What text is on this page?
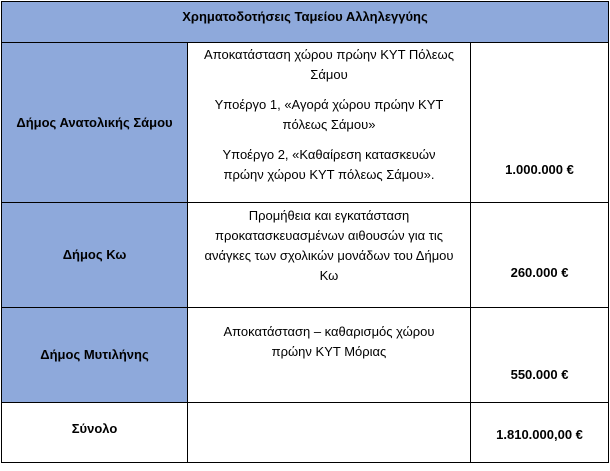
Χρηματοδοτήσεις Ταμείου Αλληλεγγύης		
Δήμος Ανατολικής Σάμου	Αποκατάσταση χώρου πρώην ΚΥΤ Πόλεως Σάμου

Υποέργο 1, «Αγορά χώρου πρώην ΚΥΤ πόλεως Σάμου»

Υποέργο 2, «Καθαίρεση κατασκευών πρώην χώρου ΚΥΤ πόλεως Σάμου».	1.000.000 €
Δήμος Κω	Προμήθεια και εγκατάσταση προκατασκευασμένων αιθουσών για τις ανάγκες των σχολικών μονάδων του Δήμου Κω	260.000 €
Δήμος Μυτιλήνης	Αποκατάσταση – καθαρισμός χώρου πρώην ΚΥΤ Μόριας	550.000 €
Σύνολο		1.810.000,00 €
